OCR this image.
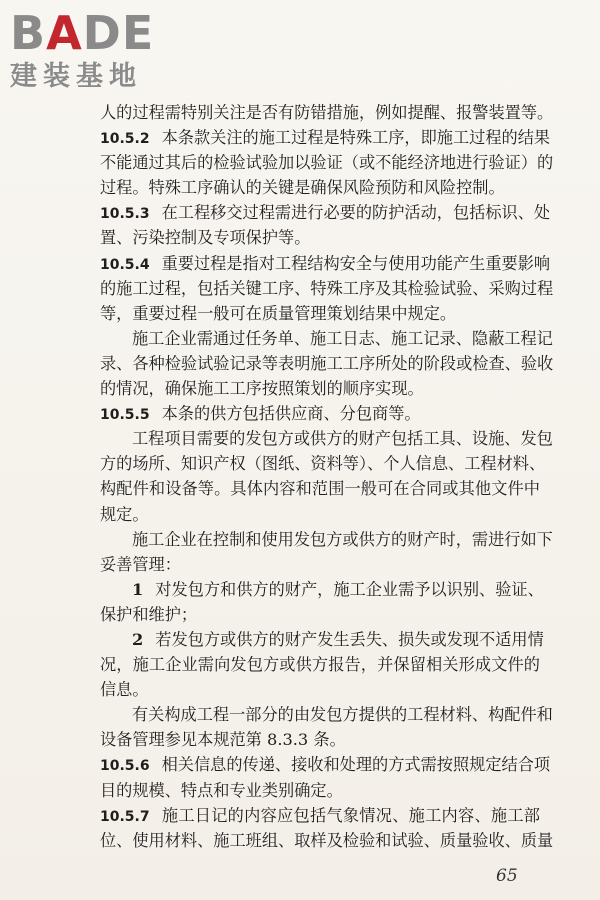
BADE
建装基地
人的过程需特别关注是否有防错措施，例如提醒、报警装置等。
10.5.2 本条款关注的施工过程是特殊工序，即施工过程的结果
不能通过其后的检验试验加以验证（或不能经济地进行验证）的
过程。特殊工序确认的关键是确保风险预防和风险控制。
10.5.3 在工程移交过程需进行必要的防护活动，包括标识、处
置、污染控制及专项保护等。
10.5.4 重要过程是指对工程结构安全与使用功能产生重要影响
的施工过程，包括关键工序、特殊工序及其检验试验、采购过程
等，重要过程一般可在质量管理策划结果中规定。
施工企业需通过任务单、施工日志、施工记录、隐蔽工程记
录、各种检验试验记录等表明施工工序所处的阶段或检查、验收
的情况，确保施工工序按照策划的顺序实现。
10.5.5 本条的供方包括供应商、分包商等。
工程项目需要的发包方或供方的财产包括工具、设施、发包
方的场所、知识产权（图纸、资料等）、个人信息、工程材料、
构配件和设备等。具体内容和范围一般可在合同或其他文件中
规定。
施工企业在控制和使用发包方或供方的财产时，需进行如下
妥善管理：
1 对发包方和供方的财产，施工企业需予以识别、验证、
保护和维护；
2 若发包方或供方的财产发生丢失、损失或发现不适用情
况，施工企业需向发包方或供方报告，并保留相关形成文件的
信息。
有关构成工程一部分的由发包方提供的工程材料、构配件和
设备管理参见本规范第 8.3.3 条。
10.5.6 相关信息的传递、接收和处理的方式需按照规定结合项
目的规模、特点和专业类别确定。
10.5.7 施工日记的内容应包括气象情况、施工内容、施工部
位、使用材料、施工班组、取样及检验和试验、质量验收、质量
65
